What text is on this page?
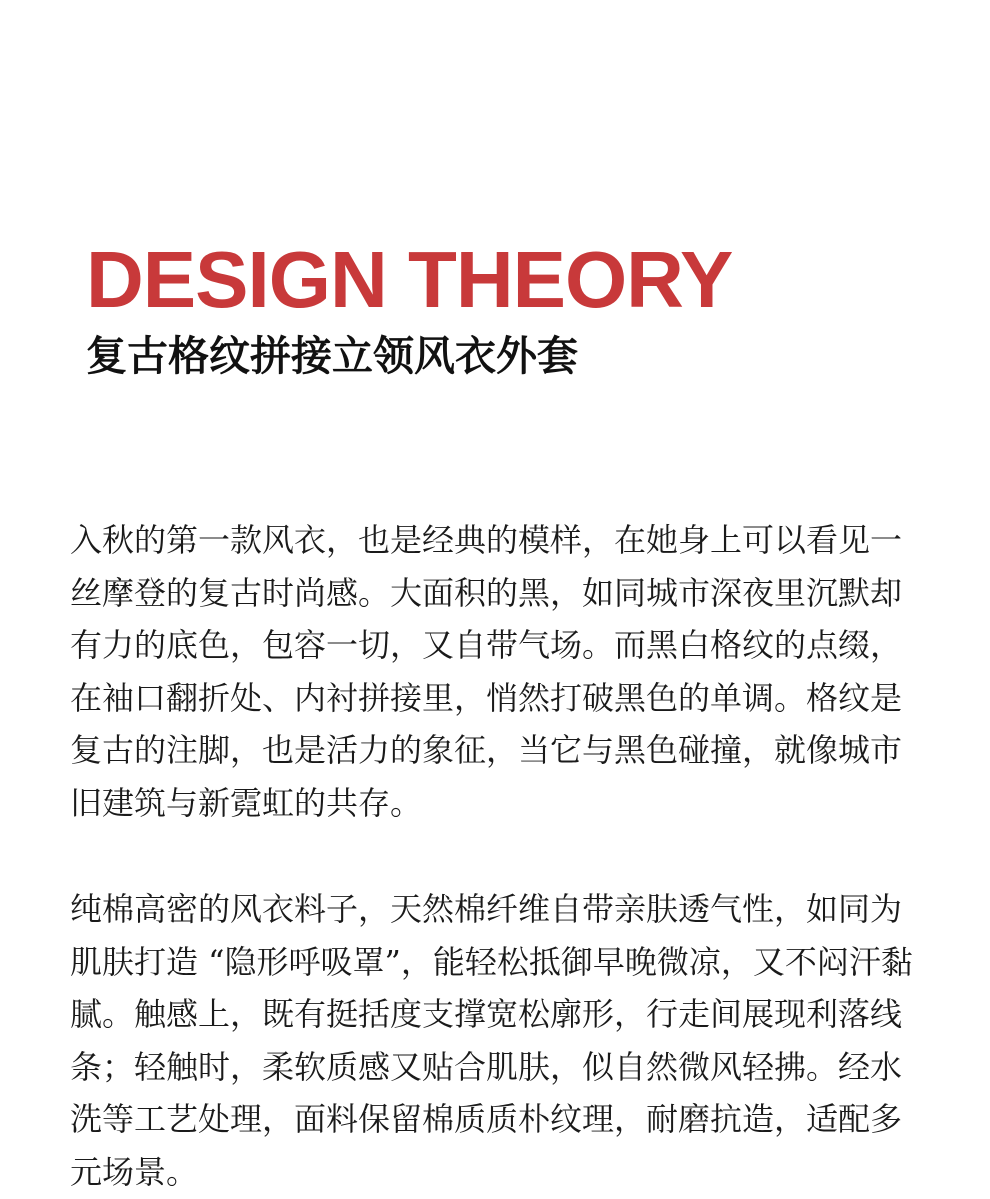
DESIGN THEORY
复古格纹拼接立领风衣外套

入秋的第一款风衣，也是经典的模样，在她身上可以看见一丝摩登的复古时尚感。大面积的黑，如同城市深夜里沉默却有力的底色，包容一切，又自带气场。而黑白格纹的点缀，在袖口翻折处、内衬拼接里，悄然打破黑色的单调。格纹是复古的注脚，也是活力的象征，当它与黑色碰撞，就像城市旧建筑与新霓虹的共存。

纯棉高密的风衣料子，天然棉纤维自带亲肤透气性，如同为肌肤打造 “隐形呼吸罩”，能轻松抵御早晚微凉，又不闷汗黏腻。触感上，既有挺括度支撑宽松廓形，行走间展现利落线条；轻触时，柔软质感又贴合肌肤，似自然微风轻拂。经水洗等工艺处理，面料保留棉质质朴纹理，耐磨抗造，适配多元场景。
